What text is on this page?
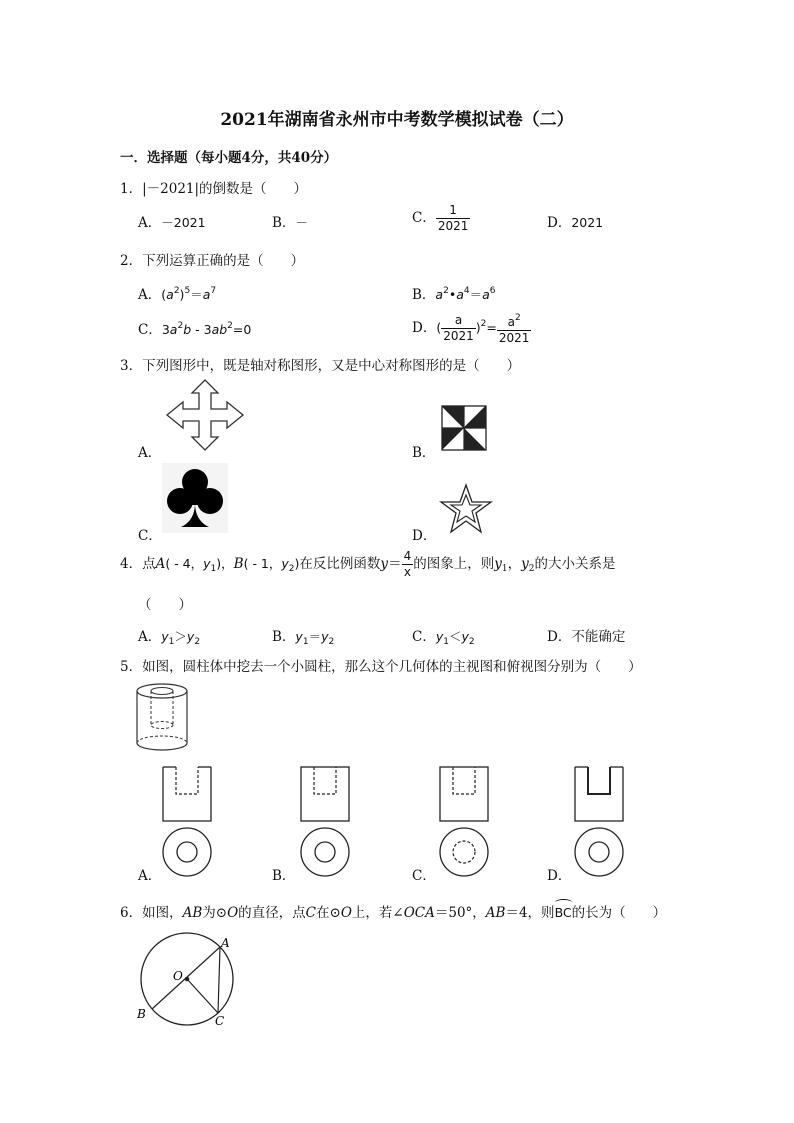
2021年湖南省永州市中考数学模拟试卷（二）
一．选择题（每小题4分，共40分）
1．|－2021|的倒数是（　　）
A．－2021	B．－	C． $\frac{1}{2021}$	D．2021
2．下列运算正确的是（　　）
A．$(a^2)^5=a^7$	B．$a^2•a^4=a^6$
C．$3a^2b - 3ab^2=0$	D．( $\frac{a}{2021} )^2= \frac{a^2}{2021}$
3．下列图形中，既是轴对称图形，又是中心对称图形的是（　　）
A．	B．
C．	D．
4．点A( - 4，$y_1$)，B( - 1，$y_2$)在反比例函数$y= \frac{4}{x}$ 的图象上，则$y_1$，$y_2$的大小关系是
（　　）
A．$y_1>y_2$	B．$y_1=y_2$	C．$y_1<y_2$	D．不能确定
5．如图，圆柱体中挖去一个小圆柱，那么这个几何体的主视图和俯视图分别为（　　）
A．	B．	C．	D．
6．如图，AB为⊙O的直径，点C在⊙O上，若∠OCA＝50°，AB＝4，则
BC的长为（　　）
A
B	C
O
